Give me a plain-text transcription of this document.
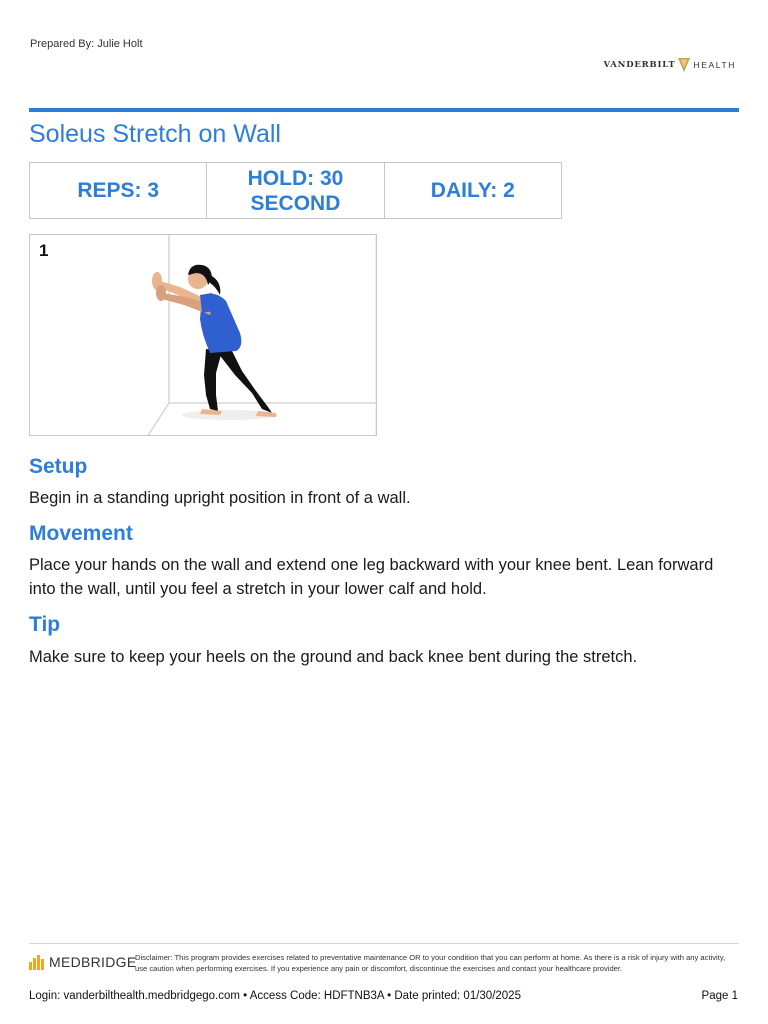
Prepared By: Julie Holt
VANDERBILT HEALTH
Soleus Stretch on Wall
REPS: 3
HOLD: 30
SECOND
DAILY: 2
1
Setup

Begin in a standing upright position in front of a wall.

Movement

Place your hands on the wall and extend one leg backward with your knee bent. Lean forward into the wall, until you feel a stretch in your lower calf and hold.

Tip

Make sure to keep your heels on the ground and back knee bent during the stretch.

MEDBRIDGE
Disclaimer: This program provides exercises related to preventative maintenance OR to your condition that you can perform at home. As there is a risk of injury with any activity, use caution when performing exercises. If you experience any pain or discomfort, discontinue the exercises and contact your healthcare provider.
Login: vanderbilthealth.medbridgego.com • Access Code: HDFTNB3A • Date printed: 01/30/2025	Page 1
